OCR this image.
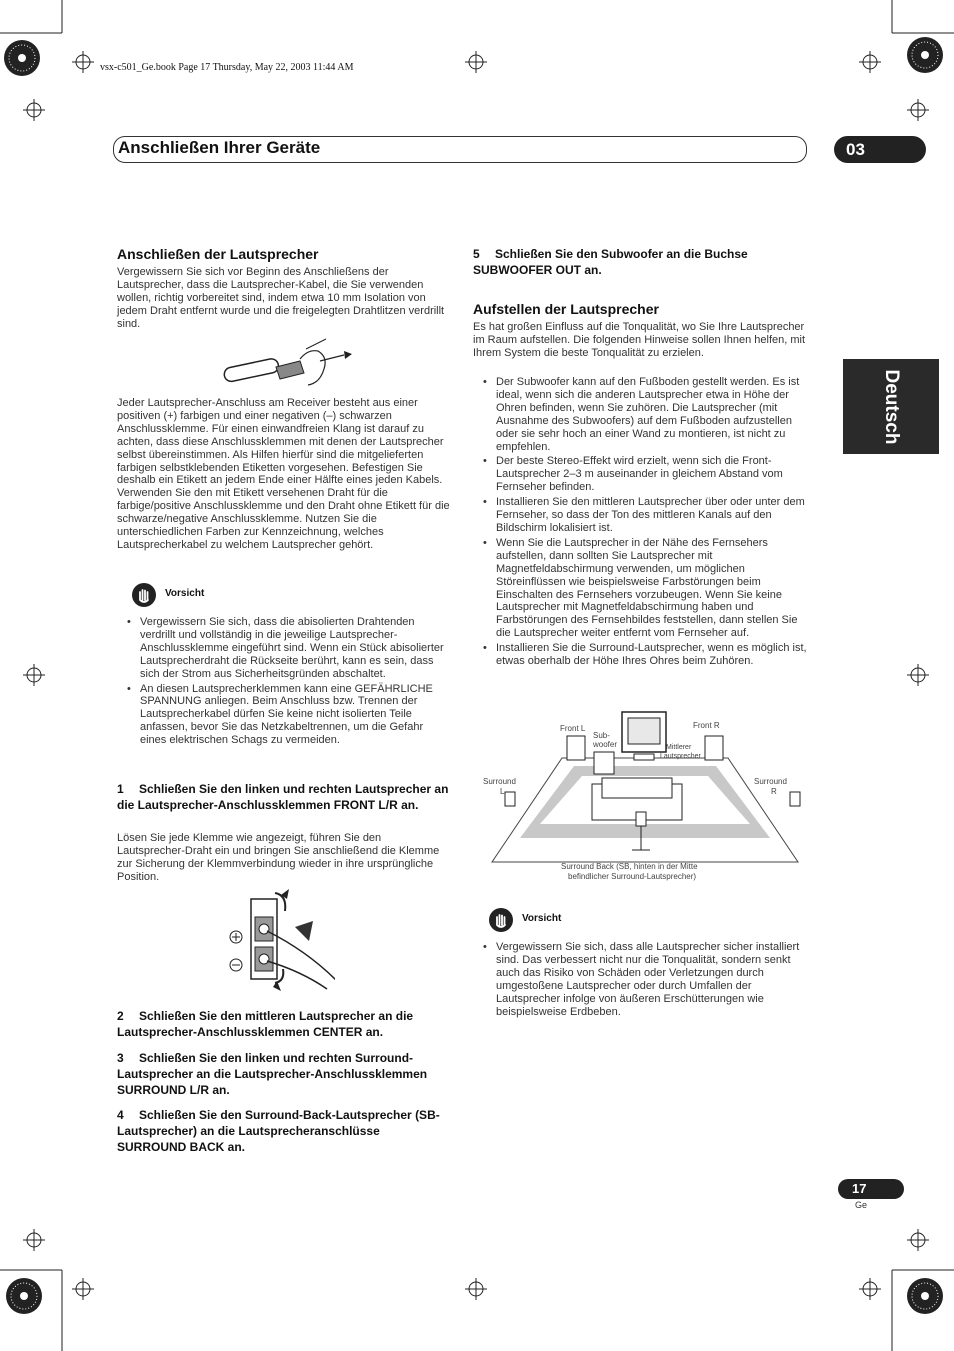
vsx-c501_Ge.book Page 17 Thursday, May 22, 2003 11:44 AM
Anschließen Ihrer Geräte	03
Deutsch
Anschließen der Lautsprecher
Vergewissern Sie sich vor Beginn des Anschließens der Lautsprecher, dass die Lautsprecher-Kabel, die Sie verwenden wollen, richtig vorbereitet sind, indem etwa 10 mm Isolation von jedem Draht entfernt wurde und die freigelegten Drahtlitzen verdrillt sind.
Jeder Lautsprecher-Anschluss am Receiver besteht aus einer positiven (+) farbigen und einer negativen (–) schwarzen Anschlussklemme. Für einen einwandfreien Klang ist darauf zu achten, dass diese Anschlussklemmen mit denen der Lautsprecher selbst übereinstimmen. Als Hilfen hierfür sind die mitgelieferten farbigen selbstklebenden Etiketten vorgesehen. Befestigen Sie deshalb ein Etikett an jedem Ende einer Hälfte eines jeden Kabels. Verwenden Sie den mit Etikett versehenen Draht für die farbige/positive Anschlussklemme und den Draht ohne Etikett für die schwarze/negative Anschlussklemme. Nutzen Sie die unterschiedlichen Farben zur Kennzeichnung, welches Lautsprecherkabel zu welchem Lautsprecher gehört.
Vorsicht
• Vergewissern Sie sich, dass die abisolierten Drahtenden verdrillt und vollständig in die jeweilige Lautsprecher-Anschlussklemme eingeführt sind. Wenn ein Stück abisolierter Lautsprecherdraht die Rückseite berührt, kann es sein, dass sich der Strom aus Sicherheitsgründen abschaltet.
• An diesen Lautsprecherklemmen kann eine GEFÄHRLICHE SPANNUNG anliegen. Beim Anschluss bzw. Trennen der Lautsprecherkabel dürfen Sie keine nicht isolierten Teile anfassen, bevor Sie das Netzkabeltrennen, um die Gefahr eines elektrischen Schags zu vermeiden.
1 Schließen Sie den linken und rechten Lautsprecher an die Lautsprecher-Anschlussklemmen FRONT L/R an.
Lösen Sie jede Klemme wie angezeigt, führen Sie den Lautsprecher-Draht ein und bringen Sie anschließend die Klemme zur Sicherung der Klemmverbindung wieder in ihre ursprüngliche Position.
2 Schließen Sie den mittleren Lautsprecher an die Lautsprecher-Anschlussklemmen CENTER an.
3 Schließen Sie den linken und rechten Surround-Lautsprecher an die Lautsprecher-Anschlussklemmen SURROUND L/R an.
4 Schließen Sie den Surround-Back-Lautsprecher (SB-Lautsprecher) an die Lautsprecheranschlüsse SURROUND BACK an.
5 Schließen Sie den Subwoofer an die Buchse SUBWOOFER OUT an.
Aufstellen der Lautsprecher
Es hat großen Einfluss auf die Tonqualität, wo Sie Ihre Lautsprecher im Raum aufstellen. Die folgenden Hinweise sollen Ihnen helfen, mit Ihrem System die beste Tonqualität zu erzielen.
• Der Subwoofer kann auf den Fußboden gestellt werden. Es ist ideal, wenn sich die anderen Lautsprecher etwa in Höhe der Ohren befinden, wenn Sie zuhören. Die Lautsprecher (mit Ausnahme des Subwoofers) auf dem Fußboden aufzustellen oder sie sehr hoch an einer Wand zu montieren, ist nicht zu empfehlen.
• Der beste Stereo-Effekt wird erzielt, wenn sich die Front-Lautsprecher 2–3 m auseinander in gleichem Abstand vom Fernseher befinden.
• Installieren Sie den mittleren Lautsprecher über oder unter dem Fernseher, so dass der Ton des mittleren Kanals auf den Bildschirm lokalisiert ist.
• Wenn Sie die Lautsprecher in der Nähe des Fernsehers aufstellen, dann sollten Sie Lautsprecher mit Magnetfeldabschirmung verwenden, um möglichen Störeinflüssen wie beispielsweise Farbstörungen beim Einschalten des Fernsehers vorzubeugen. Wenn Sie keine Lautsprecher mit Magnetfeldabschirmung haben und Farbstörungen des Fernsehbildes feststellen, dann stellen Sie die Lautsprecher weiter entfernt vom Fernseher auf.
• Installieren Sie die Surround-Lautsprecher, wenn es möglich ist, etwas oberhalb der Höhe Ihres Ohres beim Zuhören.
Front L	Front R
Sub-
woofer	Mittlerer
Lautsprecher
Surround
L
Surround
R
Surround Back (SB, hinten in der Mitte
befindlicher Surround-Lautsprecher)
Vorsicht
• Vergewissern Sie sich, dass alle Lautsprecher sicher installiert sind. Das verbessert nicht nur die Tonqualität, sondern senkt auch das Risiko von Schäden oder Verletzungen durch umgestoßene Lautsprecher oder durch Umfallen der Lautsprecher infolge von äußeren Erschütterungen wie beispielsweise Erdbeben.
17
Ge
